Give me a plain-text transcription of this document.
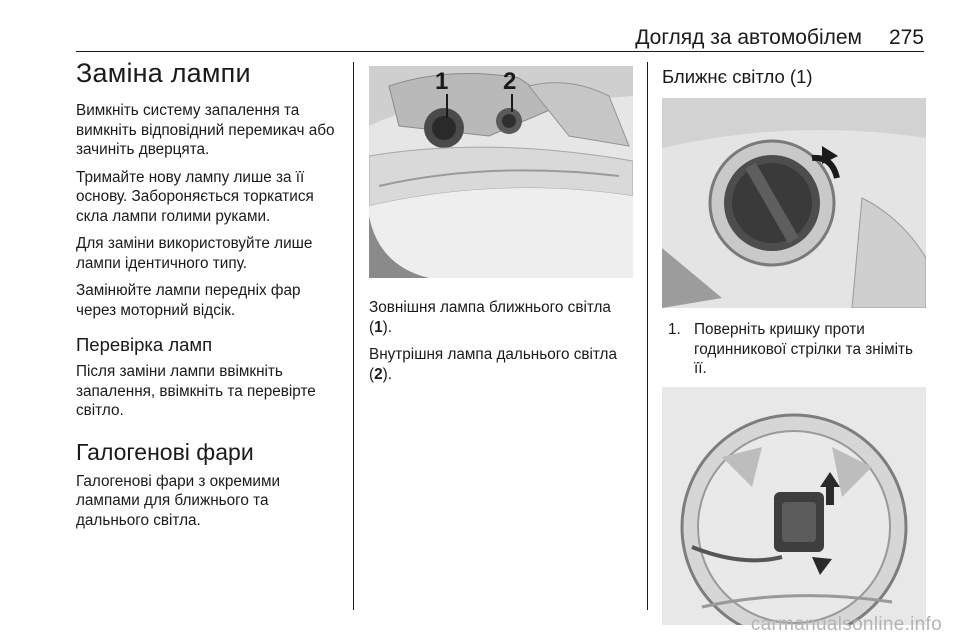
Догляд за автомобілем 275
Заміна лампи

Вимкніть систему запалення та вимкніть відповідний перемикач або зачиніть дверцята.

Тримайте нову лампу лише за її основу. Забороняється торкатися скла лампи голими руками.

Для заміни використовуйте лише лампи ідентичного типу.

Замінюйте лампи передніх фар через моторний відсік.

Перевірка ламп

Після заміни лампи ввімкніть запалення, ввімкніть та перевірте світло.

Галогенові фари

Галогенові фари з окремими лампами для ближнього та дальнього світла.

1 2

Зовнішня лампа ближнього світла (1).

Внутрішня лампа дальнього світла (2).

Ближнє світло (1)
1. Поверніть кришку проти годинникової стрілки та зніміть її.
carmanualsonline.info
